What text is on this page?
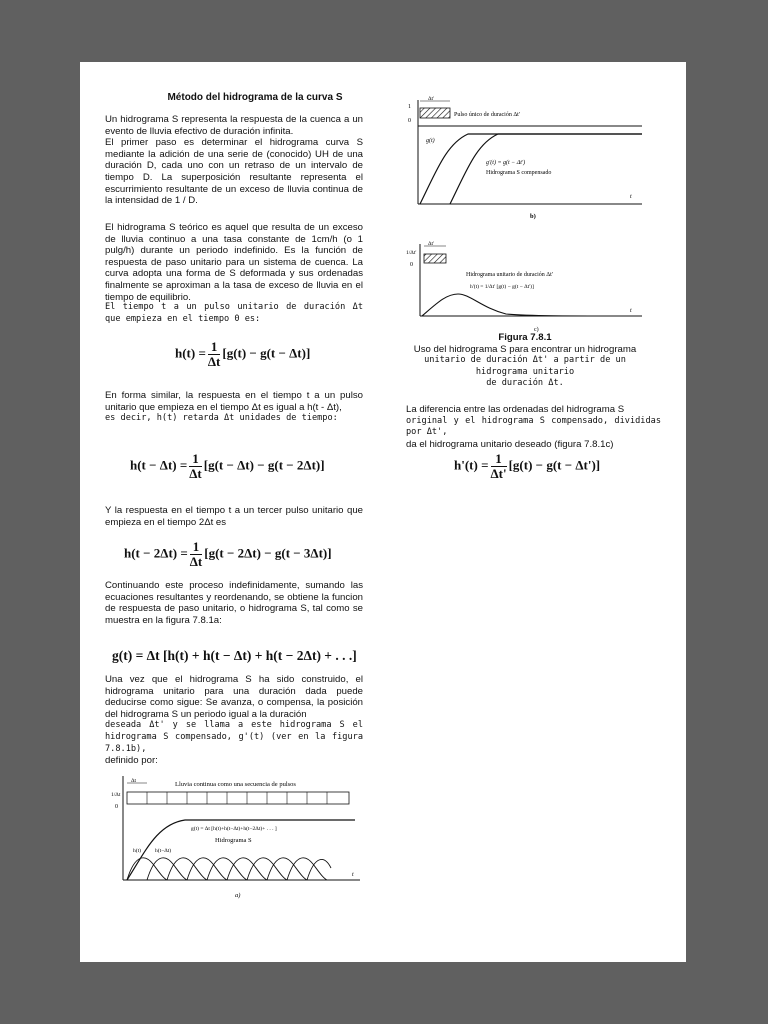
Método del hidrograma de la curva S
Un hidrograma S representa la respuesta de la cuenca a un evento de lluvia efectivo de duración infinita.
El primer paso es determinar el hidrograma curva S mediante la adición de una serie de (conocido) UH de una duración D, cada uno con un retraso de un intervalo de tiempo D. La superposición resultante representa el escurrimiento resultante de un exceso de lluvia continua de la intensidad de 1 / D.
El hidrograma S teórico es aquel que resulta de un exceso de lluvia continuo a una tasa constante de 1cm/h (o 1 pulg/h) durante un periodo indefinido. Es la función de respuesta de paso unitario para un sistema de cuenca. La curva adopta una forma de S deformada y sus ordenadas finalmente se aproximan a la tasa de exceso de lluvia en el tiempo de equilibrio.
El tiempo t a un pulso unitario de duración Δt que empieza en el tiempo 0 es:
$h(t) = \frac{1}{\Delta t} [g(t) - g(t - \Delta t)]$
En forma similar, la respuesta en el tiempo t a un pulso unitario que empieza en el tiempo Δt es igual a h(t - Δt),
es decir, h(t) retarda Δt unidades de tiempo:
$h(t - \Delta t) = \frac{1}{\Delta t} [g(t - \Delta t) - g(t - 2\Delta t)]$
Y la respuesta en el tiempo t a un tercer pulso unitario que empieza en el tiempo 2Δt es
$h(t - 2\Delta t) = \frac{1}{\Delta t} [g(t - 2\Delta t) - g(t - 3\Delta t)]$
Continuando este proceso indefinidamente, sumando las ecuaciones resultantes y reordenando, se obtiene la funcion de respuesta de paso unitario, o hidrograma S, tal como se muestra en la figura 7.8.1a:
g(t) = Δt [h(t) + h(t − Δt) + h(t − 2Δt) + . . .]
Una vez que el hidrograma S ha sido construido, el hidrograma unitario para una duración dada puede deducirse como sigue: Se avanza, o compensa, la posición del hidrograma S un periodo igual a la duración
deseada Δt' y se llama a este hidrograma S el hidrograma S compensado, g'(t) (ver en la figura 7.8.1b),
definido por:
Lluvia continua como una secuencia de pulsos
1/Δt
0
Δt
g(t) = Δt [h(t)+h(t−Δt)+h(t−2Δt)+ . . . ]
Hidrograma S
h(t)	h(t−Δt)
t
a)
1
0
Δt'
Pulso único de duración Δt'
g(t)
g'(t) = g(t − Δt')
Hidrograma S compensado
t
b)
1/Δt'
0
Δt'
Hidrograma unitario de duración Δt'
h'(t) = 1/Δt' [g(t) − g(t − Δt')]
t
c)
Figura 7.8.1
Uso del hidrograma S para encontrar un hidrograma
unitario de duración Δt' a partir de un hidrograma unitario
de duración Δt.
La diferencia entre las ordenadas del hidrograma S
original y el hidrograma S compensado, divididas por Δt',
da el hidrograma unitario deseado (figura 7.8.1c)
$h'(t) = \frac{1}{\Delta t'} [g(t) - g(t - \Delta t')]$
